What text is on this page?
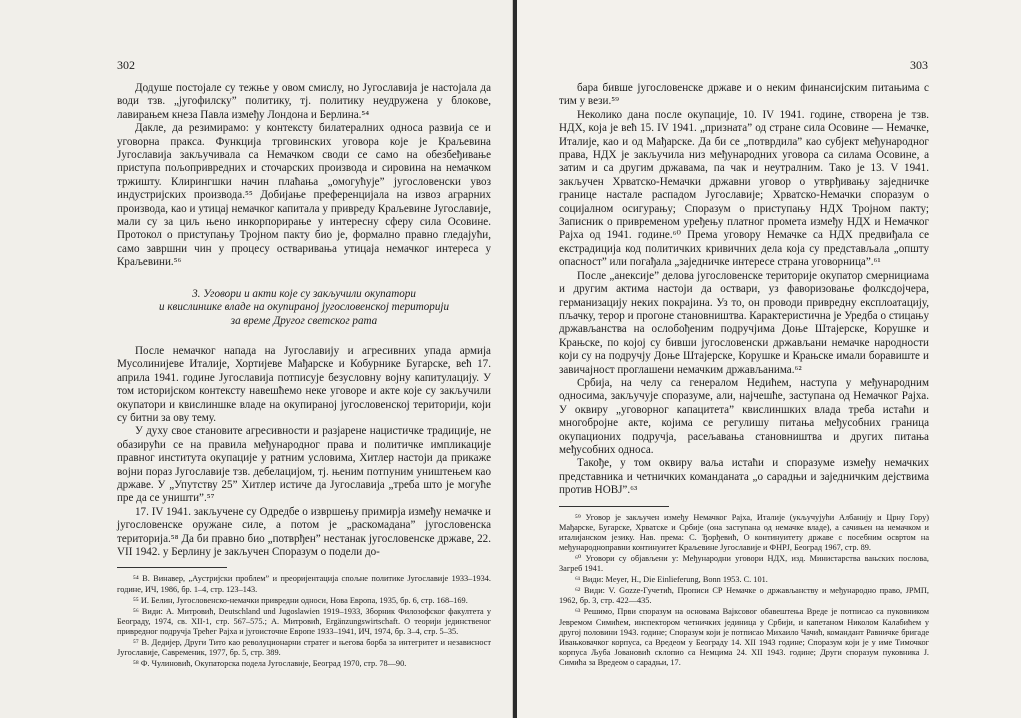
302

Додуше постојале су тежње у овом смислу, но Југославија је настојала да води тзв. „југофилску” политику, тј. политику неудружена у блокове, лавирањем кнеза Павла између Лондона и Берлина.⁵⁴

Дакле, да резимирамо: у контексту билатералних односа развија се и уговорна пракса. Функција трговинских уговора које је Краљевина Југославија закључивала са Немачком своди се само на обезбеђивање приступа пољопривредних и сточарских производа и сировина на немачком тржишту. Клирингшки начин плаћања „омогућује” југословенски увоз индустријских производа.⁵⁵ Добијање преференцијала на извоз аграрних производа, као и утицај немачког капитала у привреду Краљевине Југославије, мали су за циљ њено инкорпорирање у интересну сферу сила Осовине. Протокол о приступању Тројном пакту био је, формално правно гледајући, само завршни чин у процесу остваривања утицаја немачког интереса у Краљевини.⁵⁶

3. Уговори и акти које су закључили окупатори
и квислиншке владе на окупираној југословенској територији
за време Другог светског рата

После немачког напада на Југославију и агресивних упада армија Мусолинијеве Италије, Хортијеве Мађарске и Кобурнике Бугарске, већ 17. априла 1941. године Југославија потписује безусловну војну капитулацију. У том историјском контексту навешћемо неке уговоре и акте које су закључили окупатори и квислиншке владе на окупираној југословенској територији, који су битни за ову тему.

У духу свое становите агресивности и разјарене нацистичке традиције, не обазирући се на правила међународног права и политичке импликације правног института окупације у ратним условима, Хитлер настоји да прикаже војни пораз Југославије тзв. дебелацијом, тј. њеним потпуним уништењем као државе. У „Упутству 25” Хитлер истиче да Југославија „треба што је могуће пре да се уништи”.⁵⁷

17. IV 1941. закључене су Одредбе о извршењу примирја између немачке и југословенске оружане силе, а потом је „раскомадана” југословенска територија.⁵⁸ Да би правно био „потврђен” нестанак југословенске државе, 22. VII 1942. у Берлину је закључен Споразум о подели до-

⁵⁴ В. Винавер, „Аустријски проблем” и преоријентација спољне политике Југославије 1933–1934. године, ИЧ, 1986, бр. 1–4, стр. 123–143.

⁵⁵ И. Белин, Југословенско-немачки привредни односи, Нова Европа, 1935, бр. 6, стр. 168–169.

⁵⁶ Види: А. Митровић, Deutschland und Jugoslawien 1919–1933, Зборник Филозофског факултета у Београду, 1974, св. XII-1, стр. 567–575.; А. Митровић, Ergänzungswirtschaft. О теорији јединственог привредног подручја Трећег Рајха и југоисточне Европе 1933–1941, ИЧ, 1974, бр. 3–4, стр. 5–35.

⁵⁷ В. Дедијер, Други Тито као револуционарни стратег и његова борба за интегритет и независност Југославије, Савременик, 1977, бр. 5, стр. 389.

⁵⁸ Ф. Чулиновић, Окупаторска подела Југославије, Београд 1970, стр. 78—90.

303

бара бивше југословенске државе и о неким финансијским питањима с тим у вези.⁵⁹

Неколико дана после окупације, 10. IV 1941. године, створена је тзв. НДХ, која је већ 15. IV 1941. „призната” од стране сила Осовине — Немачке, Италије, као и од Мађарске. Да би се „потврдила” као субјект међународног права, НДХ је закључила низ међународних уговора са силама Осовине, а затим и са другим државама, па чак и неутралним. Тако је 13. V 1941. закључен Хрватско-Немачки државни уговор о утврђивању заједничке границе настале распадом Југославије; Хрватско-Немачки споразум о социјалном осигурању; Споразум о приступању НДХ Тројном пакту; Записник о привременом уређењу платног промета између НДХ и Немачког Рајха од 1941. године.⁶⁰ Према уговору Немачке са НДХ предвиђала се екстрадиција код политичких кривичних дела која су представљала „општу опасност” или погађала „заједничке интересе страна уговорница”.⁶¹

После „анексије” делова југословенске територије окупатор смернициама и другим актима настоји да оствари, уз фаворизовање фолксдојчера, германизацију неких покрајина. Уз то, он проводи привредну експлоатацију, пљачку, терор и прогоне становништва. Карактеристична је Уредба о стицању држављанства на ослобођеним подручјима Доње Штајерске, Корушке и Крањске, по којој су бивши југословенски држављани немачке народности који су на подручју Доње Штајерске, Корушке и Крањске имали боравиште и завичајност проглашени немачким држављанима.⁶²

Србија, на челу са генералом Недићем, наступа у међународним односима, закључује споразуме, али, најчешће, заступана од Немачког Рајха. У оквиру „уговорног капацитета” квислиншких влада треба истаћи и многобројне акте, којима се регулишу питања међусобних граница окупационих подручја, расељавања становништва и других питања међусобних односа.

Такође, у том оквиру ваља истаћи и споразуме између немачких представника и четничких команданата „о сарадњи и заједничким дејствима против НОВЈ”.⁶³

⁵⁹ Уговор је закључен између Немачког Рајха, Италије (укључујући Албанију и Црну Гору) Мађарске, Бугарске, Хрватске и Србије (она заступана од немачке владе), а сачињен на немачком и италијанском језику. Нав. према: С. Ђорђевић, О континуитету државе с посебним освртом на међународноправни континуитет Краљевине Југославије и ФНРЈ, Београд 1967, стр. 89.

⁶⁰ Уговори су објављени у: Међународни уговори НДХ, изд. Министарства вањских послова, Загреб 1941.

⁶¹ Види: Meyer, H., Die Einlieferung, Bonn 1953. С. 101.

⁶² Види: V. Gozze-Гучетић, Прописи СР Немачке о држављанству и међународно право, ЈРМП, 1962, бр. 3, стр. 422—435.

⁶³ Решимо, Први споразум на основама Вајксовог обавештења Вреде је потписао са пуковником Јевремом Симићем, инспектором четничких јединица у Србији, и капетаном Николом Калабићем у другој половини 1943. године; Споразум који је потписао Михаило Чачић, командант Равничке бригаде Ивањковачког корпуса, са Вредеом у Београду 14. XII 1943 године; Споразум који је у име Тимочког корпуса Љуба Јовановић склопио са Немцима 24. XII 1943. године; Други споразум пуковника Ј. Симића за Вредеом о сарадњи, 17.
